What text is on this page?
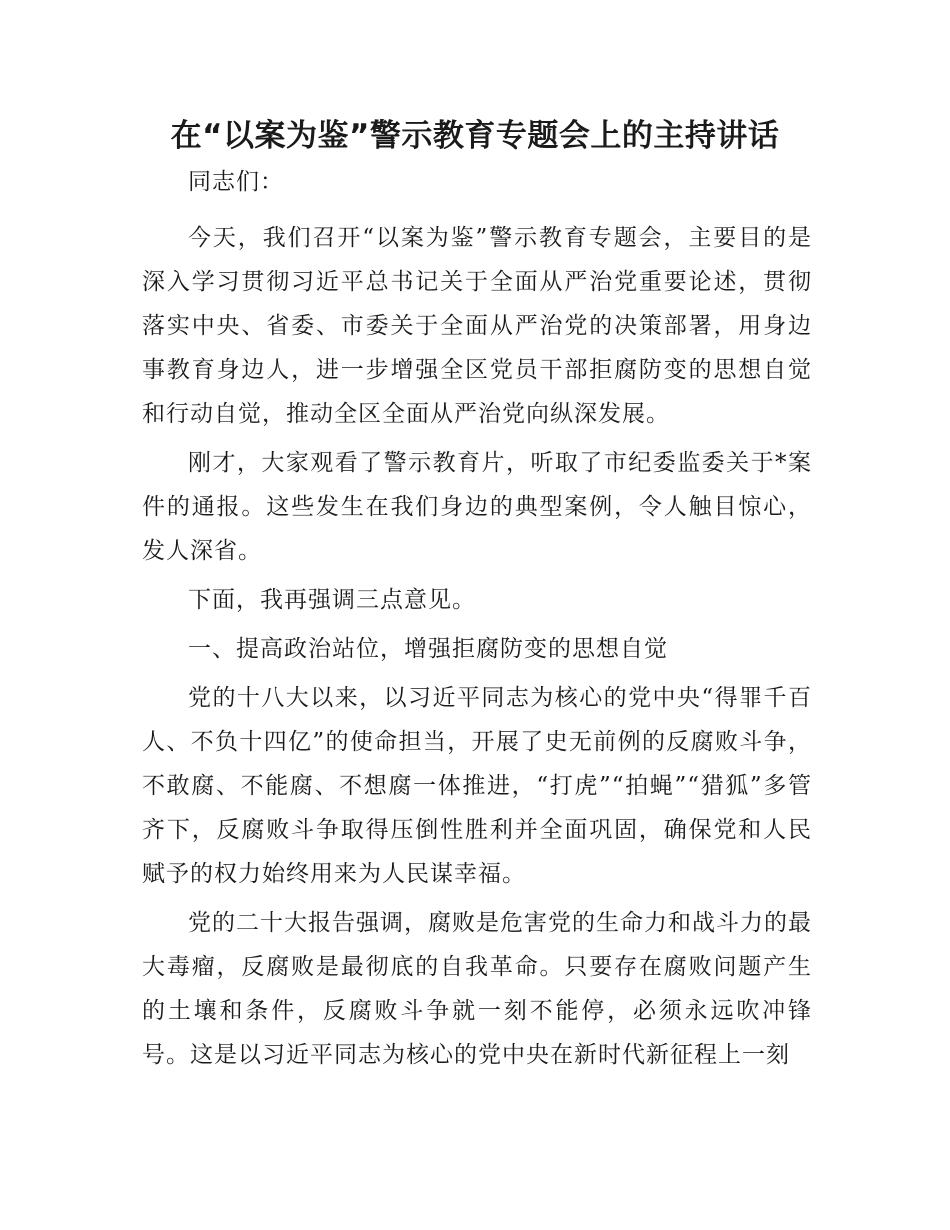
在“以案为鉴”警示教育专题会上的主持讲话

同志们：

今天，我们召开“以案为鉴”警示教育专题会，主要目的是深入学习贯彻习近平总书记关于全面从严治党重要论述，贯彻落实中央、省委、市委关于全面从严治党的决策部署，用身边事教育身边人，进一步增强全区党员干部拒腐防变的思想自觉和行动自觉，推动全区全面从严治党向纵深发展。

刚才，大家观看了警示教育片，听取了市纪委监委关于*案件的通报。这些发生在我们身边的典型案例，令人触目惊心，发人深省。

下面，我再强调三点意见。

一、提高政治站位，增强拒腐防变的思想自觉

党的十八大以来，以习近平同志为核心的党中央“得罪千百人、不负十四亿”的使命担当，开展了史无前例的反腐败斗争，不敢腐、不能腐、不想腐一体推进，“打虎”“拍蝇”“猎狐”多管齐下，反腐败斗争取得压倒性胜利并全面巩固，确保党和人民赋予的权力始终用来为人民谋幸福。

党的二十大报告强调，腐败是危害党的生命力和战斗力的最大毒瘤，反腐败是最彻底的自我革命。只要存在腐败问题产生的土壤和条件，反腐败斗争就一刻不能停，必须永远吹冲锋号。这是以习近平同志为核心的党中央在新时代新征程上一刻
